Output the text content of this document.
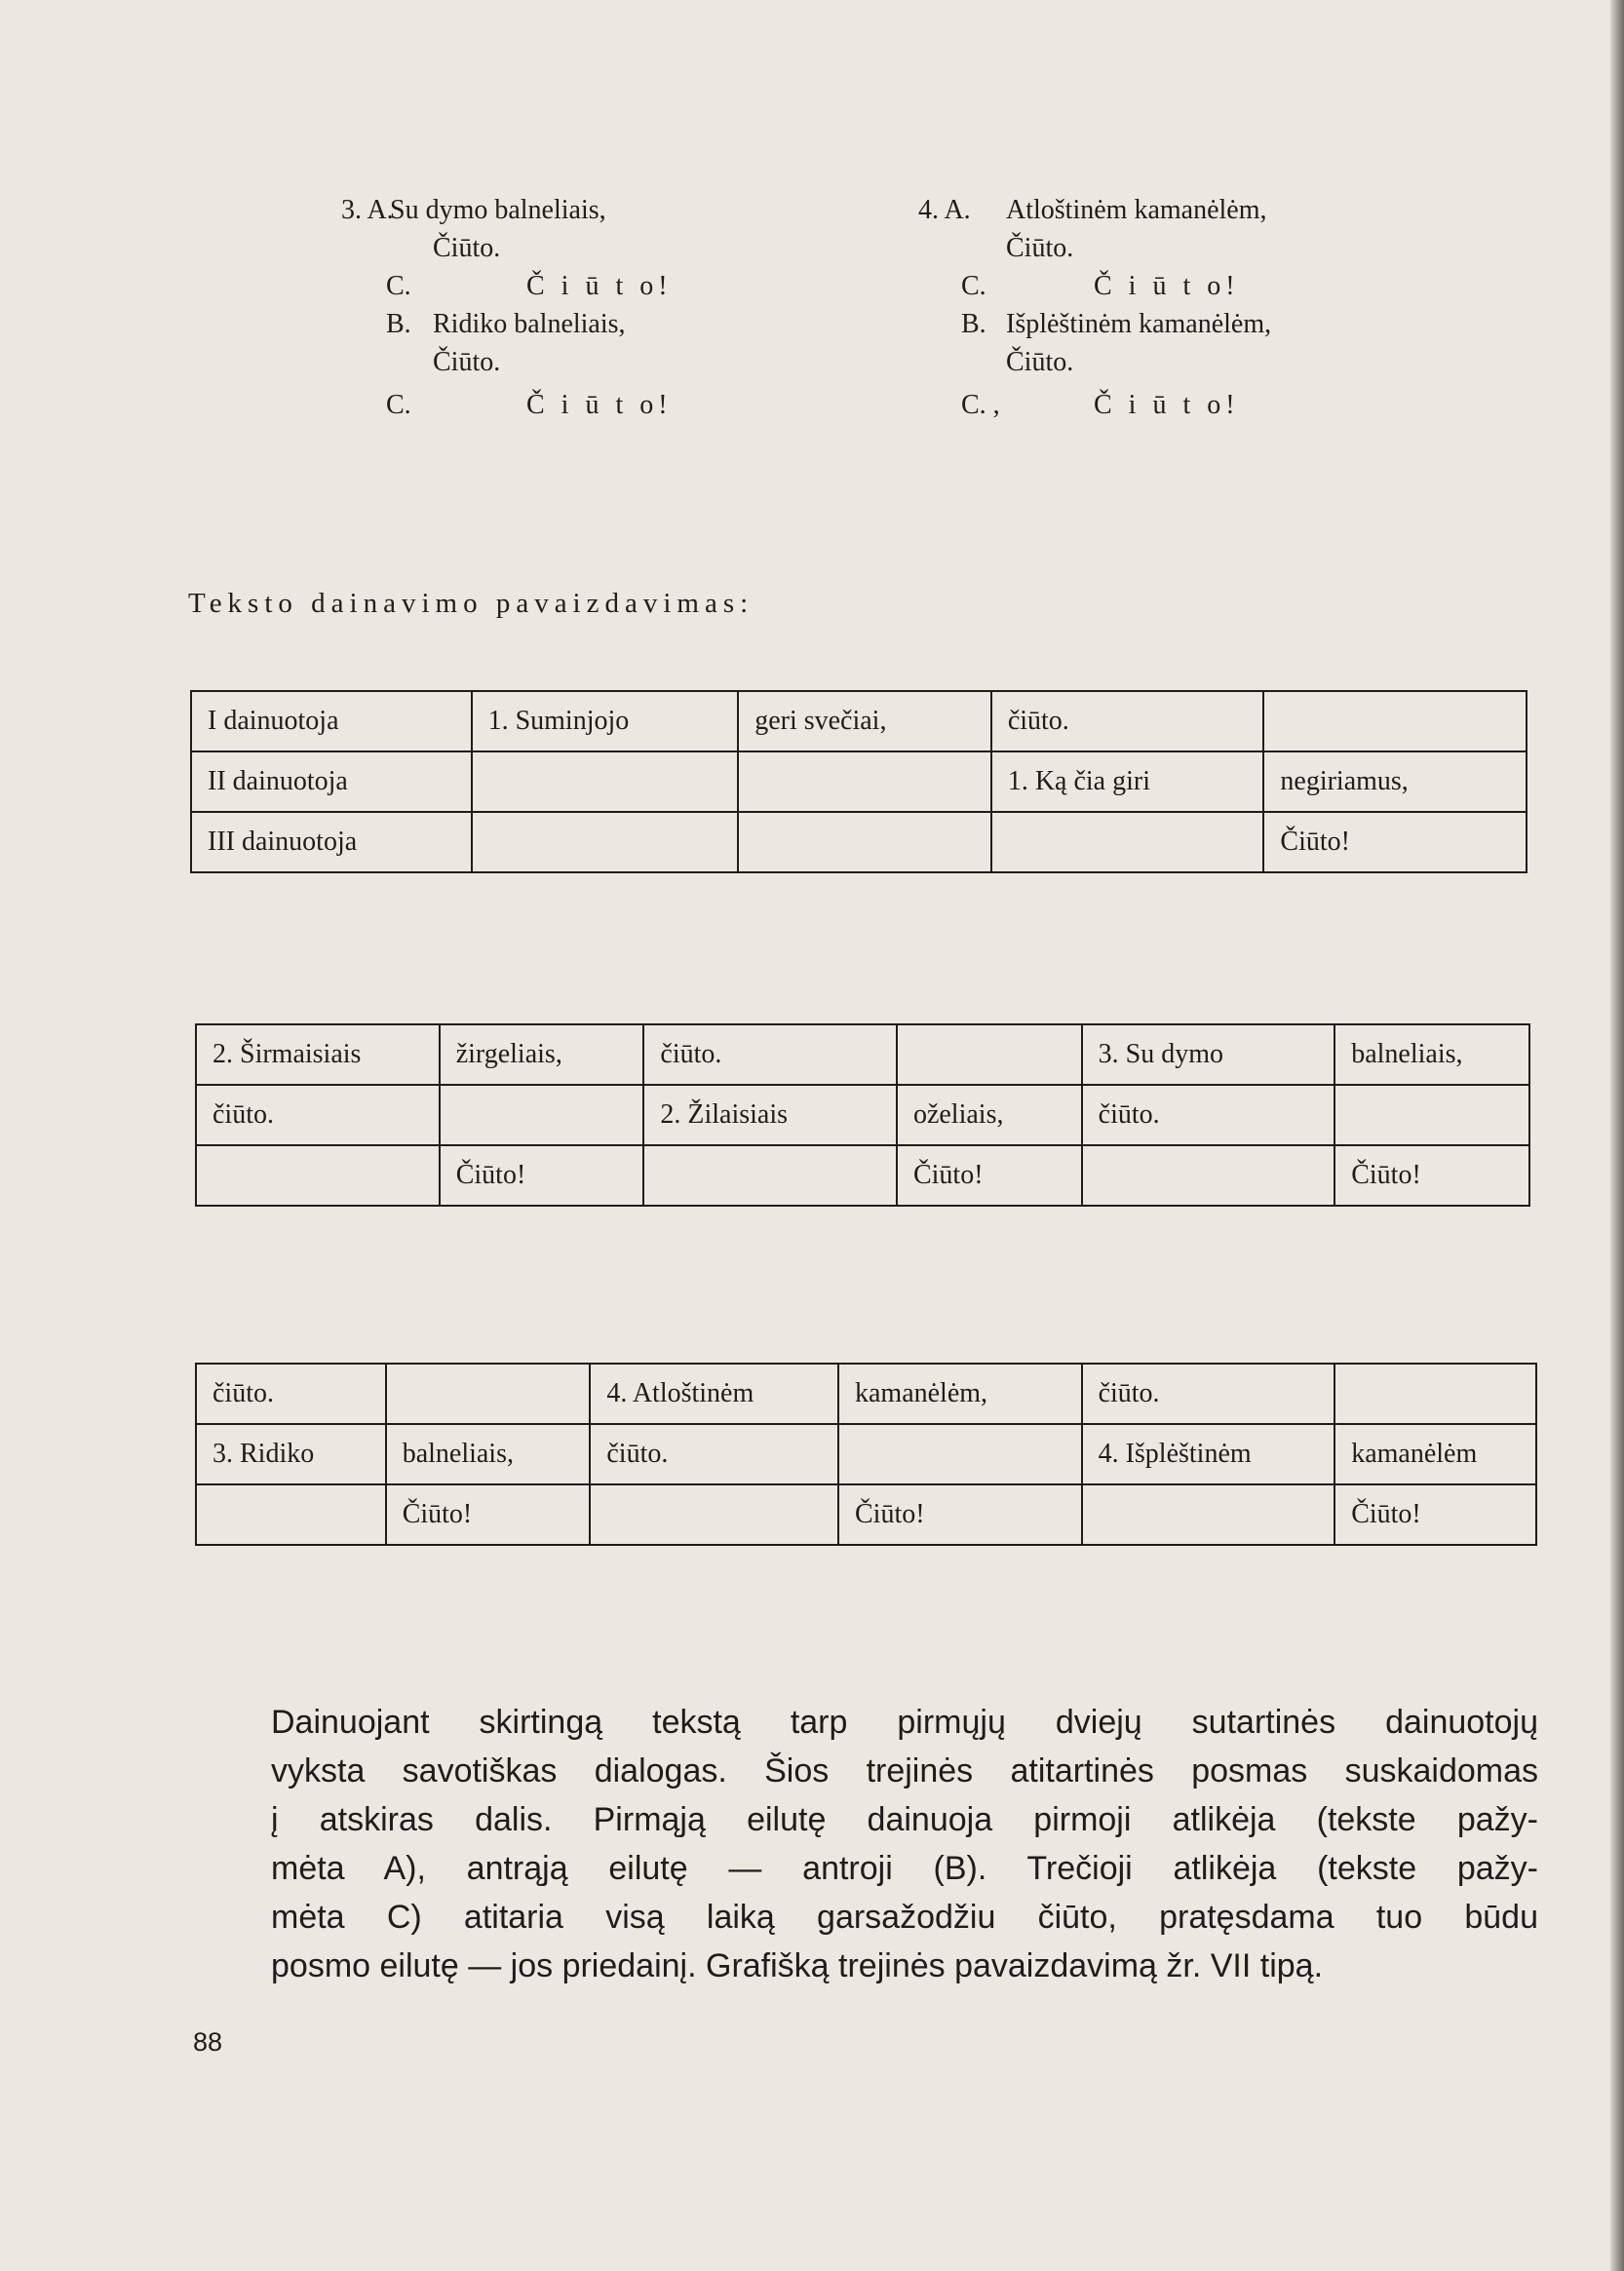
3. A.
Su dymo balneliais,
Čiūto.
C.	Č i ū t o!
B. Ridiko balneliais,
Čiūto.
C.	Č i ū t o!
4. A. Atloštinėm kamanėlėm,
Čiūto.
C.	Č i ū t o!
B. Išplėštinėm kamanėlėm,
Čiūto.
C. ,	Č i ū t o!
Teksto dainavimo pavaizdavimas:
I dainuotoja	1. Suminjojo	geri svečiai,	čiūto.	
II dainuotoja			1. Ką čia giri	negiriamus,
III dainuotoja				Čiūto!
2. Širmaisiais	žirgeliais,	čiūto.		3. Su dymo	balneliais,
čiūto.		2. Žilaisiais	oželiais,	čiūto.	
	Čiūto!		Čiūto!		Čiūto!
čiūto.		4. Atloštinėm	kamanėlėm,	čiūto.	
3. Ridiko	balneliais,	čiūto.		4. Išplėštinėm	kamanėlėm
	Čiūto!		Čiūto!		Čiūto!
Dainuojant skirtingą tekstą tarp pirmųjų dviejų sutartinės dainuotojų
vyksta savotiškas dialogas. Šios trejinės atitartinės posmas suskaidomas
į atskiras dalis. Pirmąją eilutę dainuoja pirmoji atlikėja (tekste pažy-
mėta A), antrąją eilutę — antroji (B). Trečioji atlikėja (tekste pažy-
mėta C) atitaria visą laiką garsažodžiu čiūto, pratęsdama tuo būdu
posmo eilutę — jos priedainį. Grafišką trejinės pavaizdavimą žr. VII tipą.
88
